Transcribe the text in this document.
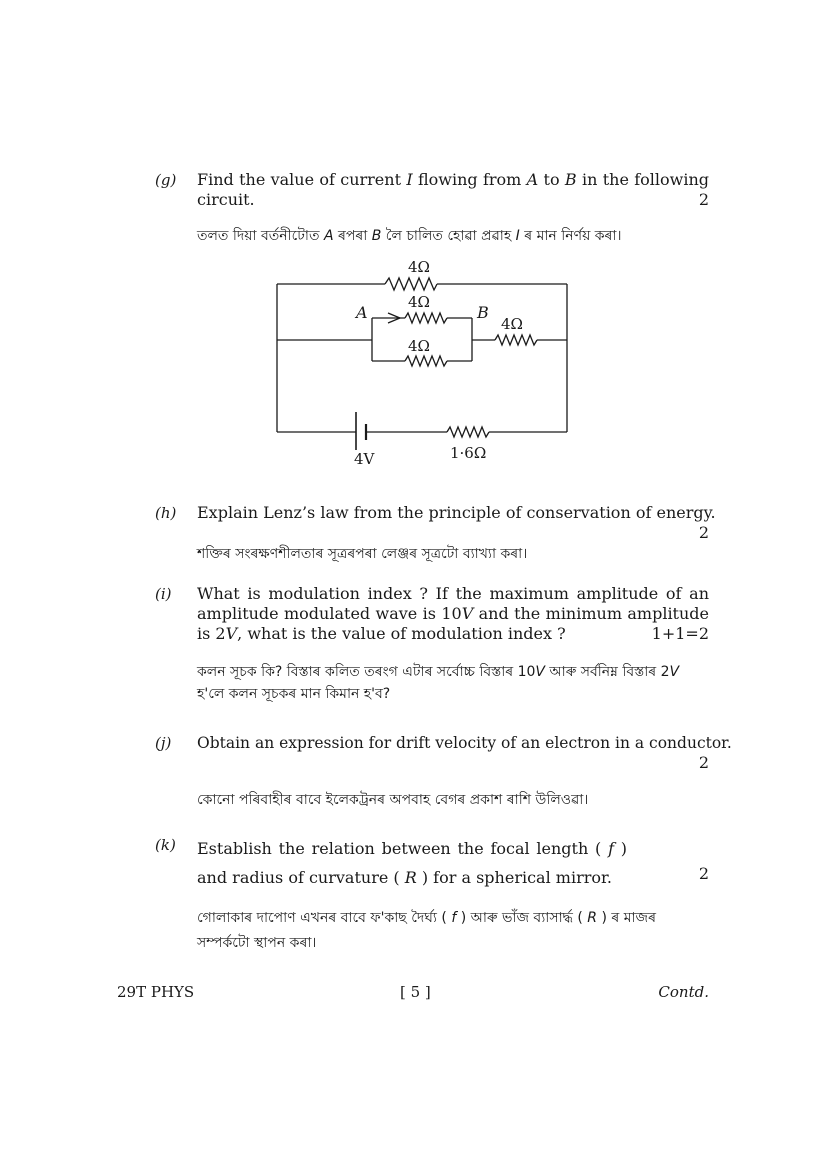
(g) Find the value of current I flowing from A to B in the following circuit.	2
তলত দিয়া বর্তনীটোত A ৰপৰা B লৈ চালিত হোৱা প্ৰৱাহ I ৰ মান নিৰ্ণয় কৰা।
4Ω
4Ω
4Ω
4Ω
A	B
4V	1·6Ω
(h) Explain Lenz’s law from the principle of conservation of energy.
2
শক্তিৰ সংৰক্ষণশীলতাৰ সূত্ৰৰপৰা লেঞ্জৰ সূত্ৰটো ব্যাখ্যা কৰা।
(i) What is modulation index ? If the maximum amplitude of an amplitude modulated wave is 10V and the minimum amplitude is 2V, what is the value of modulation index ?	1+1=2
কলন সূচক কি? বিস্তাৰ কলিত তৰংগ এটাৰ সৰ্বোচ্চ বিস্তাৰ 10V আৰু সৰ্বনিম্ন বিস্তাৰ 2V হ'লে কলন সূচকৰ মান কিমান হ'ব?
(j) Obtain an expression for drift velocity of an electron in a conductor.
2
কোনো পৰিবাহীৰ বাবে ইলেকট্ৰনৰ অপবাহ বেগৰ প্ৰকাশ ৰাশি উলিওৱা।
(k) Establish the relation between the focal length ( f ) and radius of curvature ( R ) for a spherical mirror.	2
গোলাকাৰ দাপোণ এখনৰ বাবে ফ'কাছ দৈৰ্ঘ্য ( f ) আৰু ভাঁজ ব্যাসাৰ্দ্ধ ( R ) ৰ মাজৰ সম্পৰ্কটো স্থাপন কৰা।
29T PHYS	[ 5 ]	Contd.
